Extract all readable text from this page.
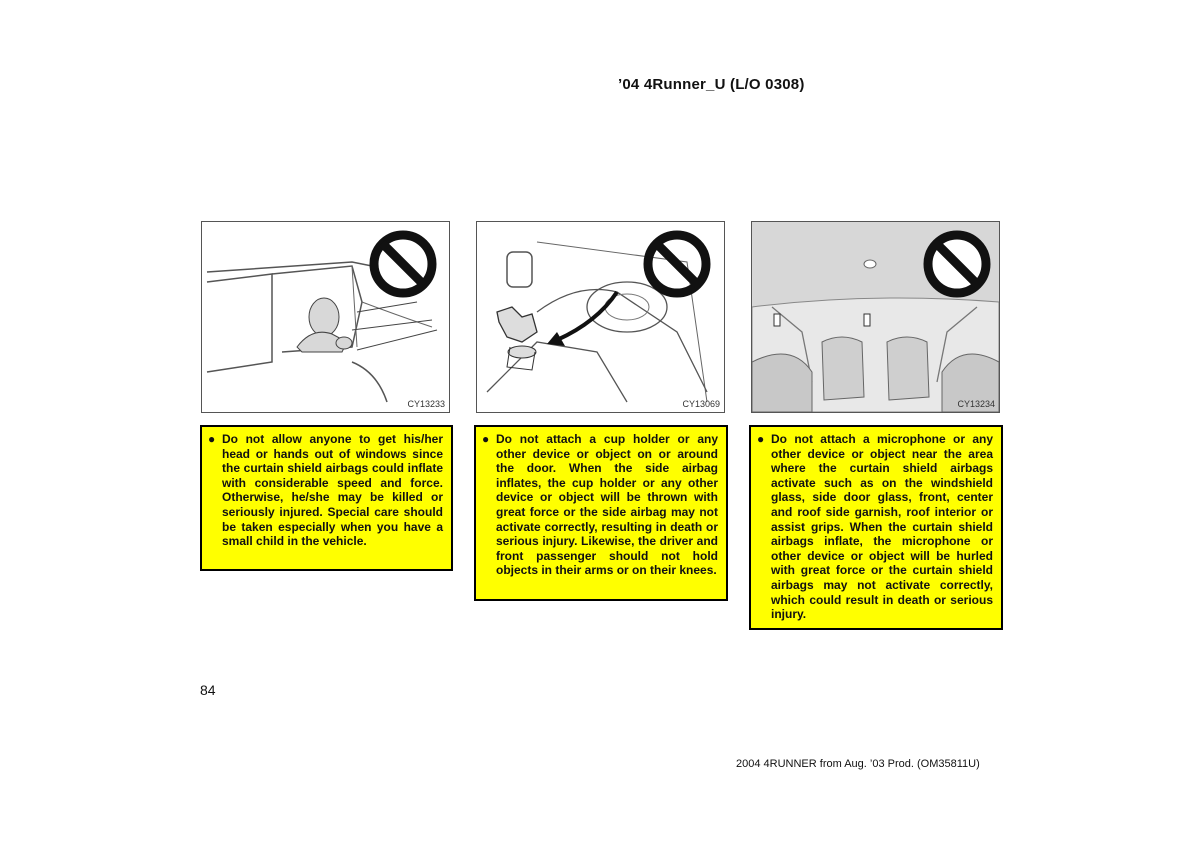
’04 4Runner_U (L/O 0308)
CY13233	CY13069	CY13234
● Do not allow anyone to get his/her head or hands out of windows since the curtain shield airbags could inflate with considerable speed and force. Otherwise, he/she may be killed or seriously injured. Special care should be taken especially when you have a small child in the vehicle.
● Do not attach a cup holder or any other device or object on or around the door. When the side airbag inflates, the cup holder or any other device or object will be thrown with great force or the side airbag may not activate correctly, resulting in death or serious injury. Likewise, the driver and front passenger should not hold objects in their arms or on their knees.
● Do not attach a microphone or any other device or object near the area where the curtain shield airbags activate such as on the windshield glass, side door glass, front, center and roof side garnish, roof interior or assist grips. When the curtain shield airbags inflate, the microphone or other device or object will be hurled with great force or the curtain shield airbags may not activate correctly, which could result in death or serious injury.
84
2004 4RUNNER from Aug. ’03 Prod. (OM35811U)
